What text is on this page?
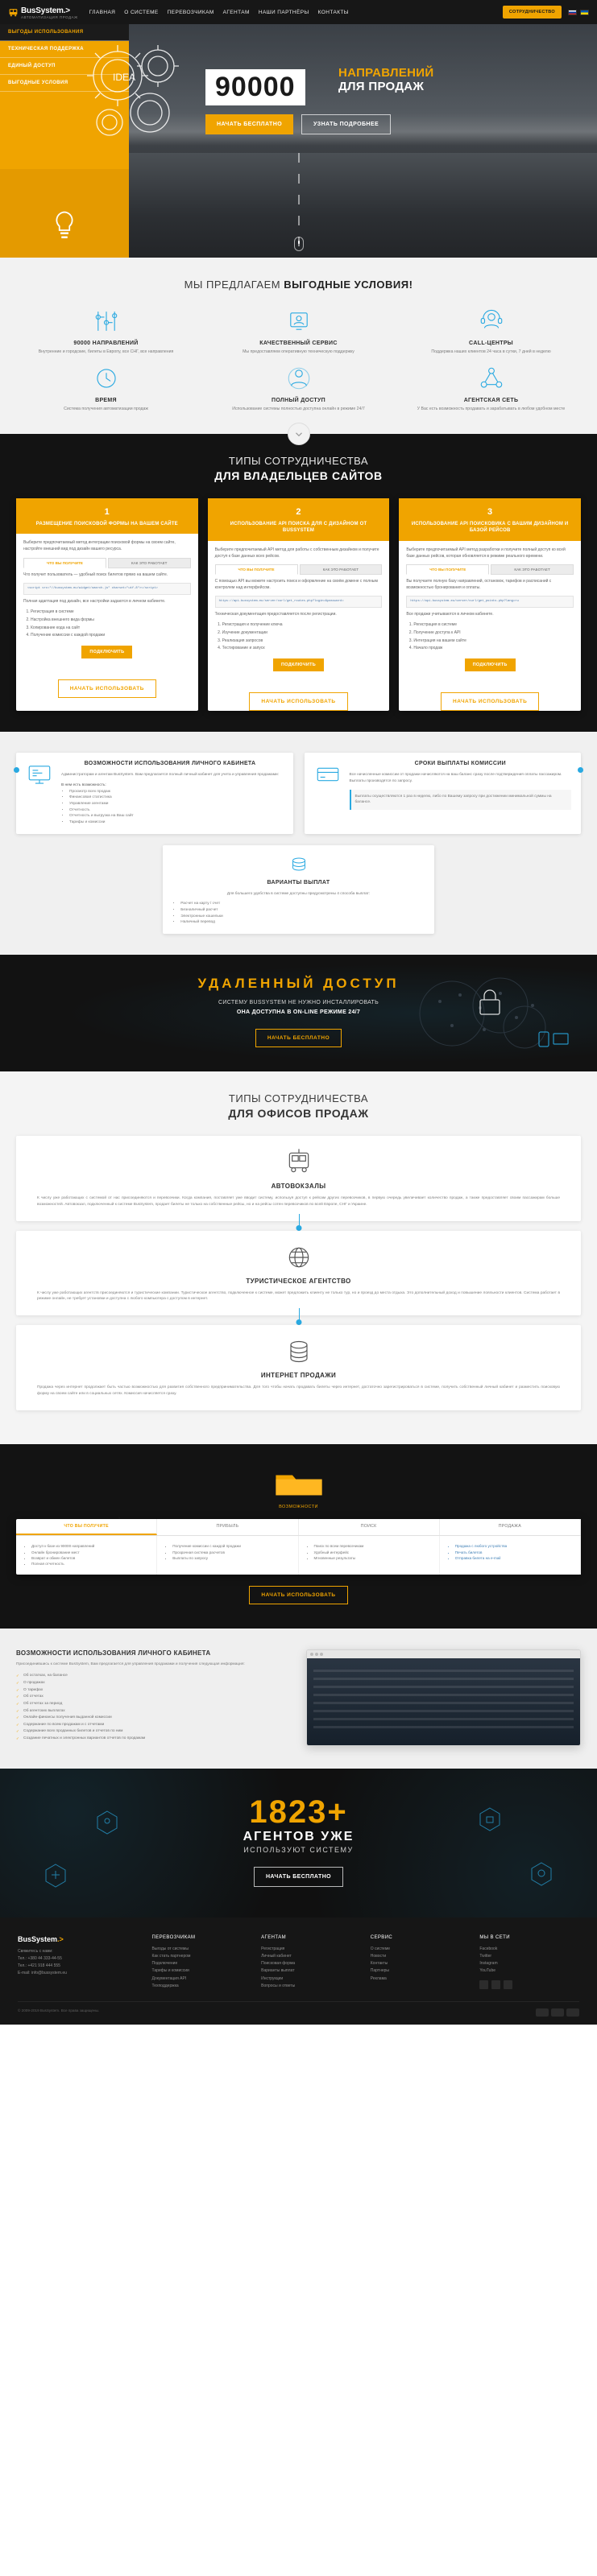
BusSystem.>
АВТОМАТИЗАЦИЯ ПРОДАЖ
ГЛАВНАЯ О СИСТЕМЕ ПЕРЕВОЗЧИКАМ АГЕНТАМ НАШИ ПАРТНЁРЫ КОНТАКТЫ	СОТРУДНИЧЕСТВО
ВЫГОДЫ ИСПОЛЬЗОВАНИЯ
ТЕХНИЧЕСКАЯ ПОДДЕРЖКА
ЕДИНЫЙ ДОСТУП
ВЫГОДНЫЕ УСЛОВИЯ	IDEA	90000	НАПРАВЛЕНИЙ
ДЛЯ ПРОДАЖ
НАЧАТЬ БЕСПЛАТНО	УЗНАТЬ ПОДРОБНЕЕ
МЫ ПРЕДЛАГАЕМ ВЫГОДНЫЕ УСЛОВИЯ!
90000 НАПРАВЛЕНИЙ
Внутренние и городские, билеты в Европу, все СНГ, все направления
КАЧЕСТВЕННЫЙ СЕРВИС
Мы предоставляем оперативную техническую поддержку
CALL-ЦЕНТРЫ
Поддержка наших клиентов 24 часа в сутки, 7 дней в неделю
ВРЕМЯ
Система получения автоматизации продаж
ПОЛНЫЙ ДОСТУП
Использование системы полностью доступна онлайн в режиме 24/7
АГЕНТСКАЯ СЕТЬ
У Вас есть возможность продавать и зарабатывать в любом удобном месте
ТИПЫ СОТРУДНИЧЕСТВА
ДЛЯ ВЛАДЕЛЬЦЕВ САЙТОВ
1
РАЗМЕЩЕНИЕ ПОИСКОВОЙ ФОРМЫ НА ВАШЕМ САЙТЕ

Выберите предпочитаемый метод интеграции поисковой формы на своем сайте, настройте внешний вид под дизайн вашего ресурса.

ЧТО ВЫ ПОЛУЧИТЕ	КАК ЭТО РАБОТАЕТ

Что получит пользователь — удобный поиск билетов прямо на вашем сайте.

<script src="//bussystem.eu/widget/search.js" charset="utf-8"></script>

Полная адаптация под дизайн, все настройки задаются в личном кабинете.

1. Регистрация в системе
2. Настройка внешнего вида формы
3. Копирование кода на сайт
4. Получение комиссии с каждой продажи
ПОДКЛЮЧИТЬ
НАЧАТЬ ИСПОЛЬЗОВАТЬ
2
ИСПОЛЬЗОВАНИЕ API ПОИСКА ДЛЯ С ДИЗАЙНОМ ОТ BUSSYSTEM

Выберите предпочитаемый API метод для работы с собственным дизайном и получите доступ к базе данных всех рейсов.

ЧТО ВЫ ПОЛУЧИТЕ	КАК ЭТО РАБОТАЕТ

С помощью API вы можете настроить поиск и оформление на своём домене с полным контролем над интерфейсом.

https://api.bussystem.eu/server/curl/get_routes.php?login=&password=

Техническая документация предоставляется после регистрации.

1. Регистрация и получение ключа
2. Изучение документации
3. Реализация запросов
4. Тестирование и запуск
ПОДКЛЮЧИТЬ
НАЧАТЬ ИСПОЛЬЗОВАТЬ
3
ИСПОЛЬЗОВАНИЕ API ПОИСКОВИКА С ВАШИМ ДИЗАЙНОМ И БАЗОЙ РЕЙСОВ

Выберите предпочитаемый API метод разработки и получите полный доступ ко всей базе данных рейсов, которая обновляется в режиме реального времени.

ЧТО ВЫ ПОЛУЧИТЕ	КАК ЭТО РАБОТАЕТ

Вы получаете полную базу направлений, остановок, тарифов и расписаний с возможностью бронирования и оплаты.

https://api.bussystem.eu/server/curl/get_points.php?lang=ru

Все продажи учитываются в личном кабинете.

1. Регистрация в системе
2. Получение доступа к API
3. Интеграция на вашем сайте
4. Начало продаж
ПОДКЛЮЧИТЬ
НАЧАТЬ ИСПОЛЬЗОВАТЬ
ВОЗМОЖНОСТИ ИСПОЛЬЗОВАНИЯ ЛИЧНОГО КАБИНЕТА

Администраторам и агентам BusSystem. Вам предлагается полный личный кабинет для учета и управления продажами:

В нем есть возможность:

• Просмотр всех продаж
• Финансовая статистика
• Управление агентами
• Отчетность
• Отчетность и выгрузка на Ваш сайт
• Тарифы и комиссии
СРОКИ ВЫПЛАТЫ КОМИССИИ

Все начисленные комиссии от продажи начисляются на ваш баланс сразу после подтверждения оплаты пассажиром. Выплаты производятся по запросу.

Выплаты осуществляются 1 раз в неделю, либо по Вашему запросу при достижении минимальной суммы на балансе.

ВАРИАНТЫ ВЫПЛАТ

Для большего удобства в системе доступны предусмотрены 4 способа выплат:

• Расчет на карту / счет
• Безналичный расчет
• Электронные кошельки
• Наличный перевод
УДАЛЕННЫЙ ДОСТУП

СИСТЕМУ BUSSYSTEM НЕ НУЖНО ИНСТАЛЛИРОВАТЬ

ОНА ДОСТУПНА В ON-LINE РЕЖИМЕ 24/7

НАЧАТЬ БЕСПЛАТНО
ТИПЫ СОТРУДНИЧЕСТВА
ДЛЯ ОФИСОВ ПРОДАЖ
АВТОВОКЗАЛЫ

К числу уже работающих с системой от нас присоединяются и перевозчики. Когда компания, поставляет уже вводит систему, используя доступ к рейсам других перевозчиков, в первую очередь увеличивает количество продаж, а также предоставляет своим пассажирам больше возможностей. Автовокзал, подключенный к системе BusSystem, продает билеты не только на собственные рейсы, но и на рейсы сотен перевозчиков по всей Европе, СНГ и Украине.

ТУРИСТИЧЕСКОЕ АГЕНТСТВО

К числу уже работающих агентств присоединяются и туристические компании. Туристическое агентство, подключенное к системе, может предложить клиенту не только тур, но и проезд до места отдыха. Это дополнительный доход и повышение лояльности клиентов. Система работает в режиме онлайн, не требует установки и доступна с любого компьютера с доступом в интернет.

ИНТЕРНЕТ ПРОДАЖИ

Продажа через интернет продолжает быть частью возможностью для развития собственного предпринимательства. Для того чтобы начать продавать билеты через интернет, достаточно зарегистрироваться в системе, получить собственный личный кабинет и разместить поисковую форму на своем сайте или в социальных сетях. Комиссия начисляется сразу.

ВОЗМОЖНОСТИ
ЧТО ВЫ ПОЛУЧИТЕ	ПРИБЫЛЬ	ПОИСК	ПРОДАЖА
• Доступ к базе из 90000 направлений
• Онлайн бронирование мест
• Возврат и обмен билетов
• Полная отчетность
• Получение комиссии с каждой продажи
• Прозрачная система расчетов
• Выплаты по запросу
• Поиск по всем перевозчикам
• Удобный интерфейс
• Мгновенные результаты
• Продажа с любого устройства
• Печать билетов
• Отправка билета на e-mail
НАЧАТЬ ИСПОЛЬЗОВАТЬ
ВОЗМОЖНОСТИ ИСПОЛЬЗОВАНИЯ ЛИЧНОГО КАБИНЕТА
Присоединившись к системе BusSystem, Вам предлагается для управления продажами и получения следующая информация:
✓ Об остатках, на балансе
✓ О продажах
✓ О тарифах
✓ Об отчетах
✓ Об отчетах за период
✓ Об агентских выплатах
✓ Онлайн-финансы получения выданной комиссии
✓ Содержание по всем продажам и с отчетами
✓ Содержание всех проданных билетов и отчетов по ним
✓ Создание печатных и электронных вариантов отчетов по продажам
1823+
АГЕНТОВ УЖЕ

ИСПОЛЬЗУЮТ СИСТЕМУ

НАЧАТЬ БЕСПЛАТНО
BusSystem.>

Свяжитесь с нами:

Тел.: +380 44 333-44-55

Тел.: +421 918 444 555

E-mail: info@bussystem.eu

ПЕРЕВОЗЧИКАМ
Выгоды от системы
Как стать партнером
Подключение
Тарифы и комиссии
Документация API
Техподдержка
АГЕНТАМ
Регистрация
Личный кабинет
Поисковая форма
Варианты выплат
Инструкции
Вопросы и ответы
СЕРВИС
О системе
Новости
Контакты
Партнеры
Реклама
МЫ В СЕТИ
Facebook
Twitter
Instagram
YouTube
© 2009-2019 BusSystem. Все права защищены.
